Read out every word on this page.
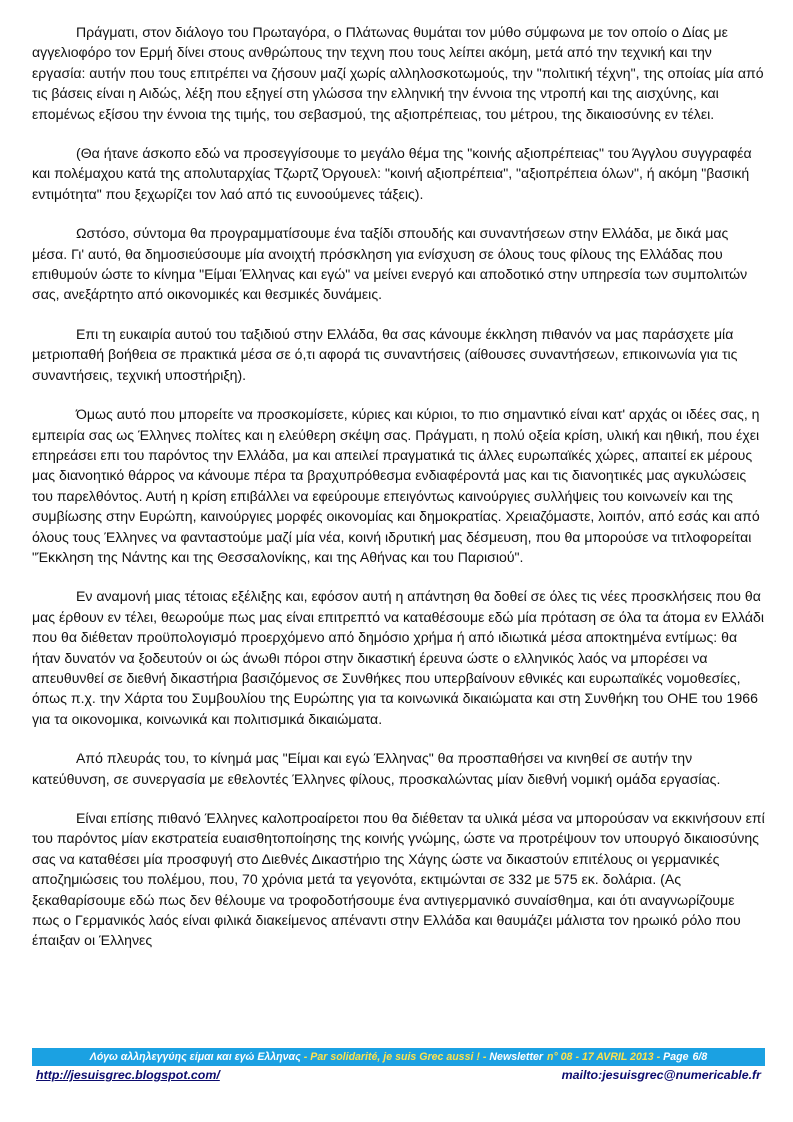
Πράγματι, στον διάλογο του Πρωταγόρα, ο Πλάτωνας θυμάται τον μύθο σύμφωνα με τον οποίο ο Δίας με αγγελιοφόρο τον Ερμή δίνει στους ανθρώπους την τεχνη που τους λείπει ακόμη, μετά από την τεχνική και την εργασία: αυτήν που τους επιτρέπει να ζήσουν μαζί χωρίς αλληλοσκοτωμούς, την "πολιτική τέχνη", της οποίας μία από τις βάσεις είναι η Αιδώς, λέξη που εξηγεί στη γλώσσα την ελληνική την έννοια της ντροπή και της αισχύνης, και επομένως εξίσου την έννοια της τιμής, του σεβασμού, της αξιοπρέπειας, του μέτρου, της δικαιοσύνης εν τέλει.

(Θα ήτανε άσκοπο εδώ να προσεγγίσουμε το μεγάλο θέμα της "κοινής αξιοπρέπειας" του Άγγλου συγγραφέα και πολέμαχου κατά της απολυταρχίας Τζωρτζ Όργουελ: "κοινή αξιοπρέπεια", "αξιοπρέπεια όλων", ή ακόμη "βασική εντιμότητα" που ξεχωρίζει τον λαό από τις ευνοούμενες τάξεις).

Ωστόσο, σύντομα θα προγραμματίσουμε ένα ταξίδι σπουδής και συναντήσεων στην Ελλάδα, με δικά μας μέσα. Γι' αυτό, θα δημοσιεύσουμε μία ανοιχτή πρόσκληση για ενίσχυση σε όλους τους φίλους της Ελλάδας που επιθυμούν ώστε το κίνημα "Είμαι Έλληνας και εγώ" να μείνει ενεργό και αποδοτικό στην υπηρεσία των συμπολιτών σας, ανεξάρτητο από οικονομικές και θεσμικές δυνάμεις.

Επι τη ευκαιρία αυτού του ταξιδιού στην Ελλάδα, θα σας κάνουμε έκκληση πιθανόν να μας παράσχετε μία μετριοπαθή βοήθεια σε πρακτικά μέσα σε ό,τι αφορά τις συναντήσεις (αίθουσες συναντήσεων, επικοινωνία για τις συναντήσεις, τεχνική υποστήριξη).

Όμως αυτό που μπορείτε να προσκομίσετε, κύριες και κύριοι, το πιο σημαντικό είναι κατ' αρχάς οι ιδέες σας, η εμπειρία σας ως Έλληνες πολίτες και η ελεύθερη σκέψη σας. Πράγματι, η πολύ οξεία κρίση, υλική και ηθική, που έχει επηρεάσει επι του παρόντος την Ελλάδα, μα και απειλεί πραγματικά τις άλλες ευρωπαϊκές χώρες, απαιτεί εκ μέρους μας διανοητικό θάρρος να κάνουμε πέρα τα βραχυπρόθεσμα ενδιαφέροντά μας και τις διανοητικές μας αγκυλώσεις του παρελθόντος. Αυτή η κρίση επιβάλλει να εφεύρουμε επειγόντως καινούργιες συλλήψεις του κοινωνείν και της συμβίωσης στην Ευρώπη, καινούργιες μορφές οικονομίας και δημοκρατίας. Χρειαζόμαστε, λοιπόν, από εσάς και από όλους τους Έλληνες να φανταστούμε μαζί μία νέα, κοινή ιδρυτική μας δέσμευση, που θα μπορούσε να τιτλοφορείται "Έκκληση της Νάντης και της Θεσσαλονίκης, και της Αθήνας και του Παρισιού".

Εν αναμονή μιας τέτοιας εξέλιξης και, εφόσον αυτή η απάντηση θα δοθεί σε όλες τις νέες προσκλήσεις που θα μας έρθουν εν τέλει, θεωρούμε πως μας είναι επιτρεπτό να καταθέσουμε εδώ μία πρόταση σε όλα τα άτομα εν Ελλάδι που θα διέθεταν προϋπολογισμό προερχόμενο από δημόσιο χρήμα ή από ιδιωτικά μέσα αποκτημένα εντίμως: θα ήταν δυνατόν να ξοδευτούν οι ώς άνωθι πόροι στην δικαστική έρευνα ώστε ο ελληνικός λαός να μπορέσει να απευθυνθεί σε διεθνή δικαστήρια βασιζόμενος σε Συνθήκες που υπερβαίνουν εθνικές και ευρωπαϊκές νομοθεσίες, όπως π.χ. την Χάρτα του Συμβουλίου της Ευρώπης για τα κοινωνικά δικαιώματα και στη Συνθήκη του ΟΗΕ του 1966 για τα οικονομικα, κοινωνικά και πολιτισμικά δικαιώματα.

Από πλευράς του, το κίνημά μας "Είμαι και εγώ Έλληνας" θα προσπαθήσει να κινηθεί σε αυτήν την κατεύθυνση, σε συνεργασία με εθελοντές Έλληνες φίλους, προσκαλώντας μίαν διεθνή νομική ομάδα εργασίας.

Είναι επίσης πιθανό Έλληνες καλοπροαίρετοι που θα διέθεταν τα υλικά μέσα να μπορούσαν να εκκινήσουν επί του παρόντος μίαν εκστρατεία ευαισθητοποίησης της κοινής γνώμης, ώστε να προτρέψουν τον υπουργό δικαιοσύνης σας να καταθέσει μία προσφυγή στο Διεθνές Δικαστήριο της Χάγης ώστε να δικαστούν επιτέλους οι γερμανικές αποζημιώσεις του πολέμου, που, 70 χρόνια μετά τα γεγονότα, εκτιμώνται σε 332 με 575 εκ. δολάρια. (Ας ξεκαθαρίσουμε εδώ πως δεν θέλουμε να τροφοδοτήσουμε ένα αντιγερμανικό συναίσθημα, και ότι αναγνωρίζουμε πως ο Γερμανικός λαός είναι φιλικά διακείμενος απέναντι στην Ελλάδα και θαυμάζει μάλιστα τον ηρωικό ρόλο που έπαιξαν οι Έλληνες

Λόγω αλληλεγγύης είμαι και εγώ Ελληνας - Par solidarité, je suis Grec aussi ! - Newsletter n° 08 - 17 AVRIL 2013 - Page 6/8
http://jesuisgrec.blogspot.com/	mailto:jesuisgrec@numericable.fr
